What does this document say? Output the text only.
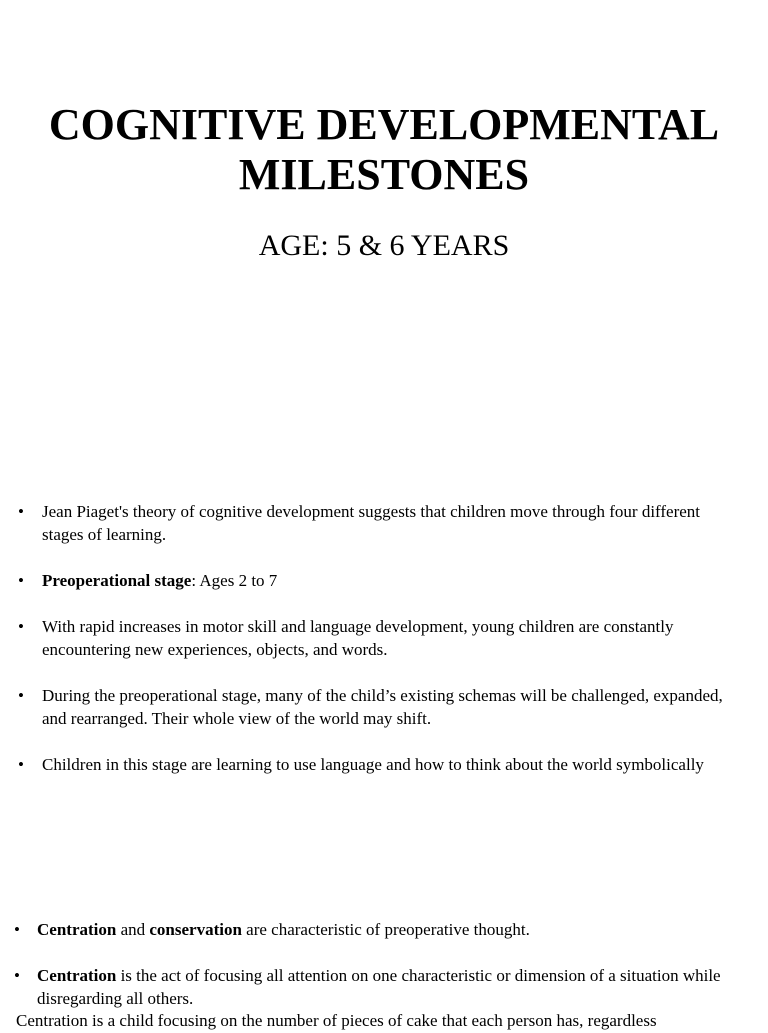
COGNITIVE DEVELOPMENTAL
MILESTONES
AGE: 5 & 6 YEARS
• Jean Piaget's theory of cognitive development suggests that children move through four different stages of learning.
• Preoperational stage: Ages 2 to 7
• With rapid increases in motor skill and language development, young children are constantly encountering new experiences, objects, and words.
• During the preoperational stage, many of the child’s existing schemas will be challenged, expanded, and rearranged. Their whole view of the world may shift.
• Children in this stage are learning to use language and how to think about the world symbolically
• Centration and conservation are characteristic of preoperative thought.
• Centration is the act of focusing all attention on one characteristic or dimension of a situation while disregarding all others.
Centration is a child focusing on the number of pieces of cake that each person has, regardless
